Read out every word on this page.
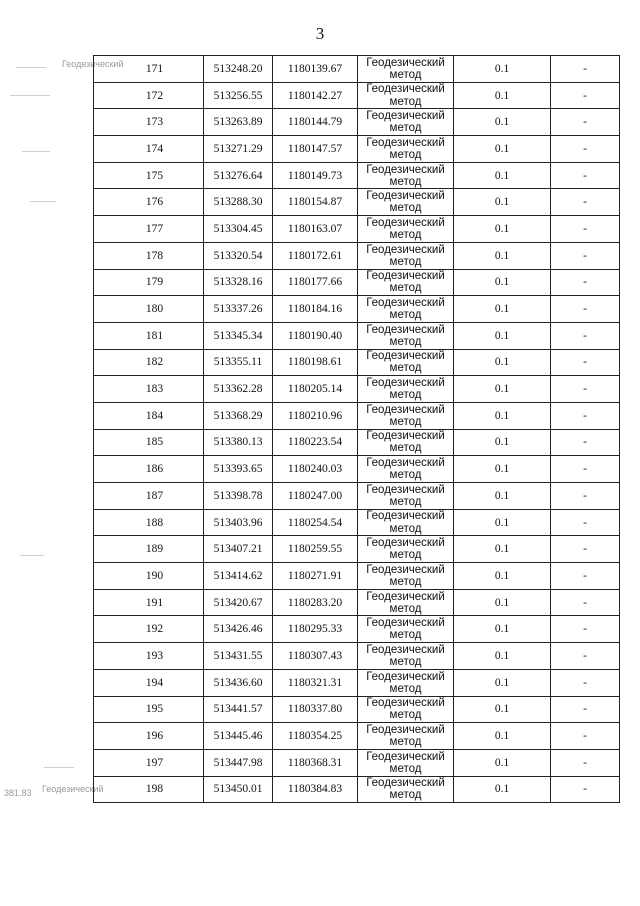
3
Геодезический
381.83 Геодезический
171	513248.20	1180139.67	Геодезический метод	0.1	-
172	513256.55	1180142.27	Геодезический метод	0.1	-
173	513263.89	1180144.79	Геодезический метод	0.1	-
174	513271.29	1180147.57	Геодезический метод	0.1	-
175	513276.64	1180149.73	Геодезический метод	0.1	-
176	513288.30	1180154.87	Геодезический метод	0.1	-
177	513304.45	1180163.07	Геодезический метод	0.1	-
178	513320.54	1180172.61	Геодезический метод	0.1	-
179	513328.16	1180177.66	Геодезический метод	0.1	-
180	513337.26	1180184.16	Геодезический метод	0.1	-
181	513345.34	1180190.40	Геодезический метод	0.1	-
182	513355.11	1180198.61	Геодезический метод	0.1	-
183	513362.28	1180205.14	Геодезический метод	0.1	-
184	513368.29	1180210.96	Геодезический метод	0.1	-
185	513380.13	1180223.54	Геодезический метод	0.1	-
186	513393.65	1180240.03	Геодезический метод	0.1	-
187	513398.78	1180247.00	Геодезический метод	0.1	-
188	513403.96	1180254.54	Геодезический метод	0.1	-
189	513407.21	1180259.55	Геодезический метод	0.1	-
190	513414.62	1180271.91	Геодезический метод	0.1	-
191	513420.67	1180283.20	Геодезический метод	0.1	-
192	513426.46	1180295.33	Геодезический метод	0.1	-
193	513431.55	1180307.43	Геодезический метод	0.1	-
194	513436.60	1180321.31	Геодезический метод	0.1	-
195	513441.57	1180337.80	Геодезический метод	0.1	-
196	513445.46	1180354.25	Геодезический метод	0.1	-
197	513447.98	1180368.31	Геодезический метод	0.1	-
198	513450.01	1180384.83	Геодезический метод	0.1	-
